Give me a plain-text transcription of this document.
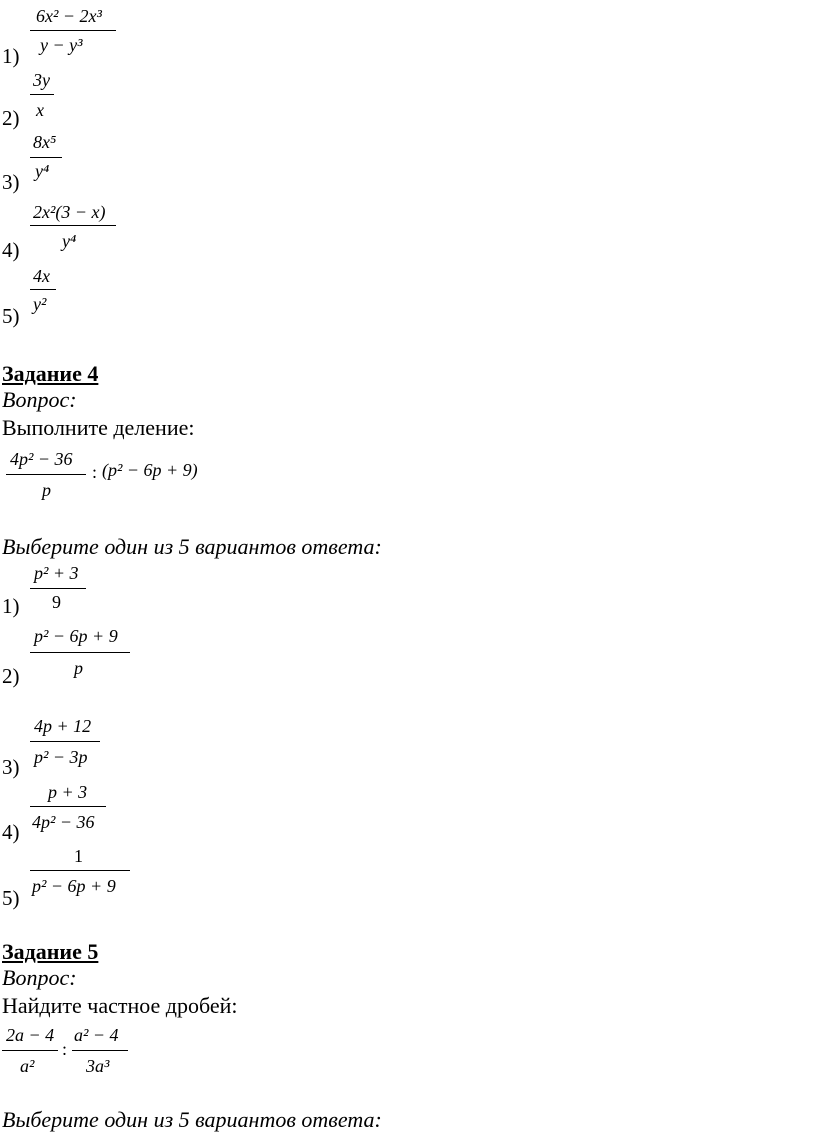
1)
6x² − 2x³
y − y³
2)
3y
x
3)
8x⁵
y⁴
4)
2x²(3 − x)
y⁴
5)
4x
y²
Задание 4
Вопрос:
Выполните деление:
4p² − 36
p
: (p² − 6p + 9)
Выберите один из 5 вариантов ответа:
1)
p² + 3
9
2)
p² − 6p + 9
p
3)
4p + 12
p² − 3p
4)
p + 3
4p² − 36
5)
1
p² − 6p + 9
Задание 5
Вопрос:
Найдите частное дробей:
2a − 4
a²
:
a² − 4
3a³
Выберите один из 5 вариантов ответа:
